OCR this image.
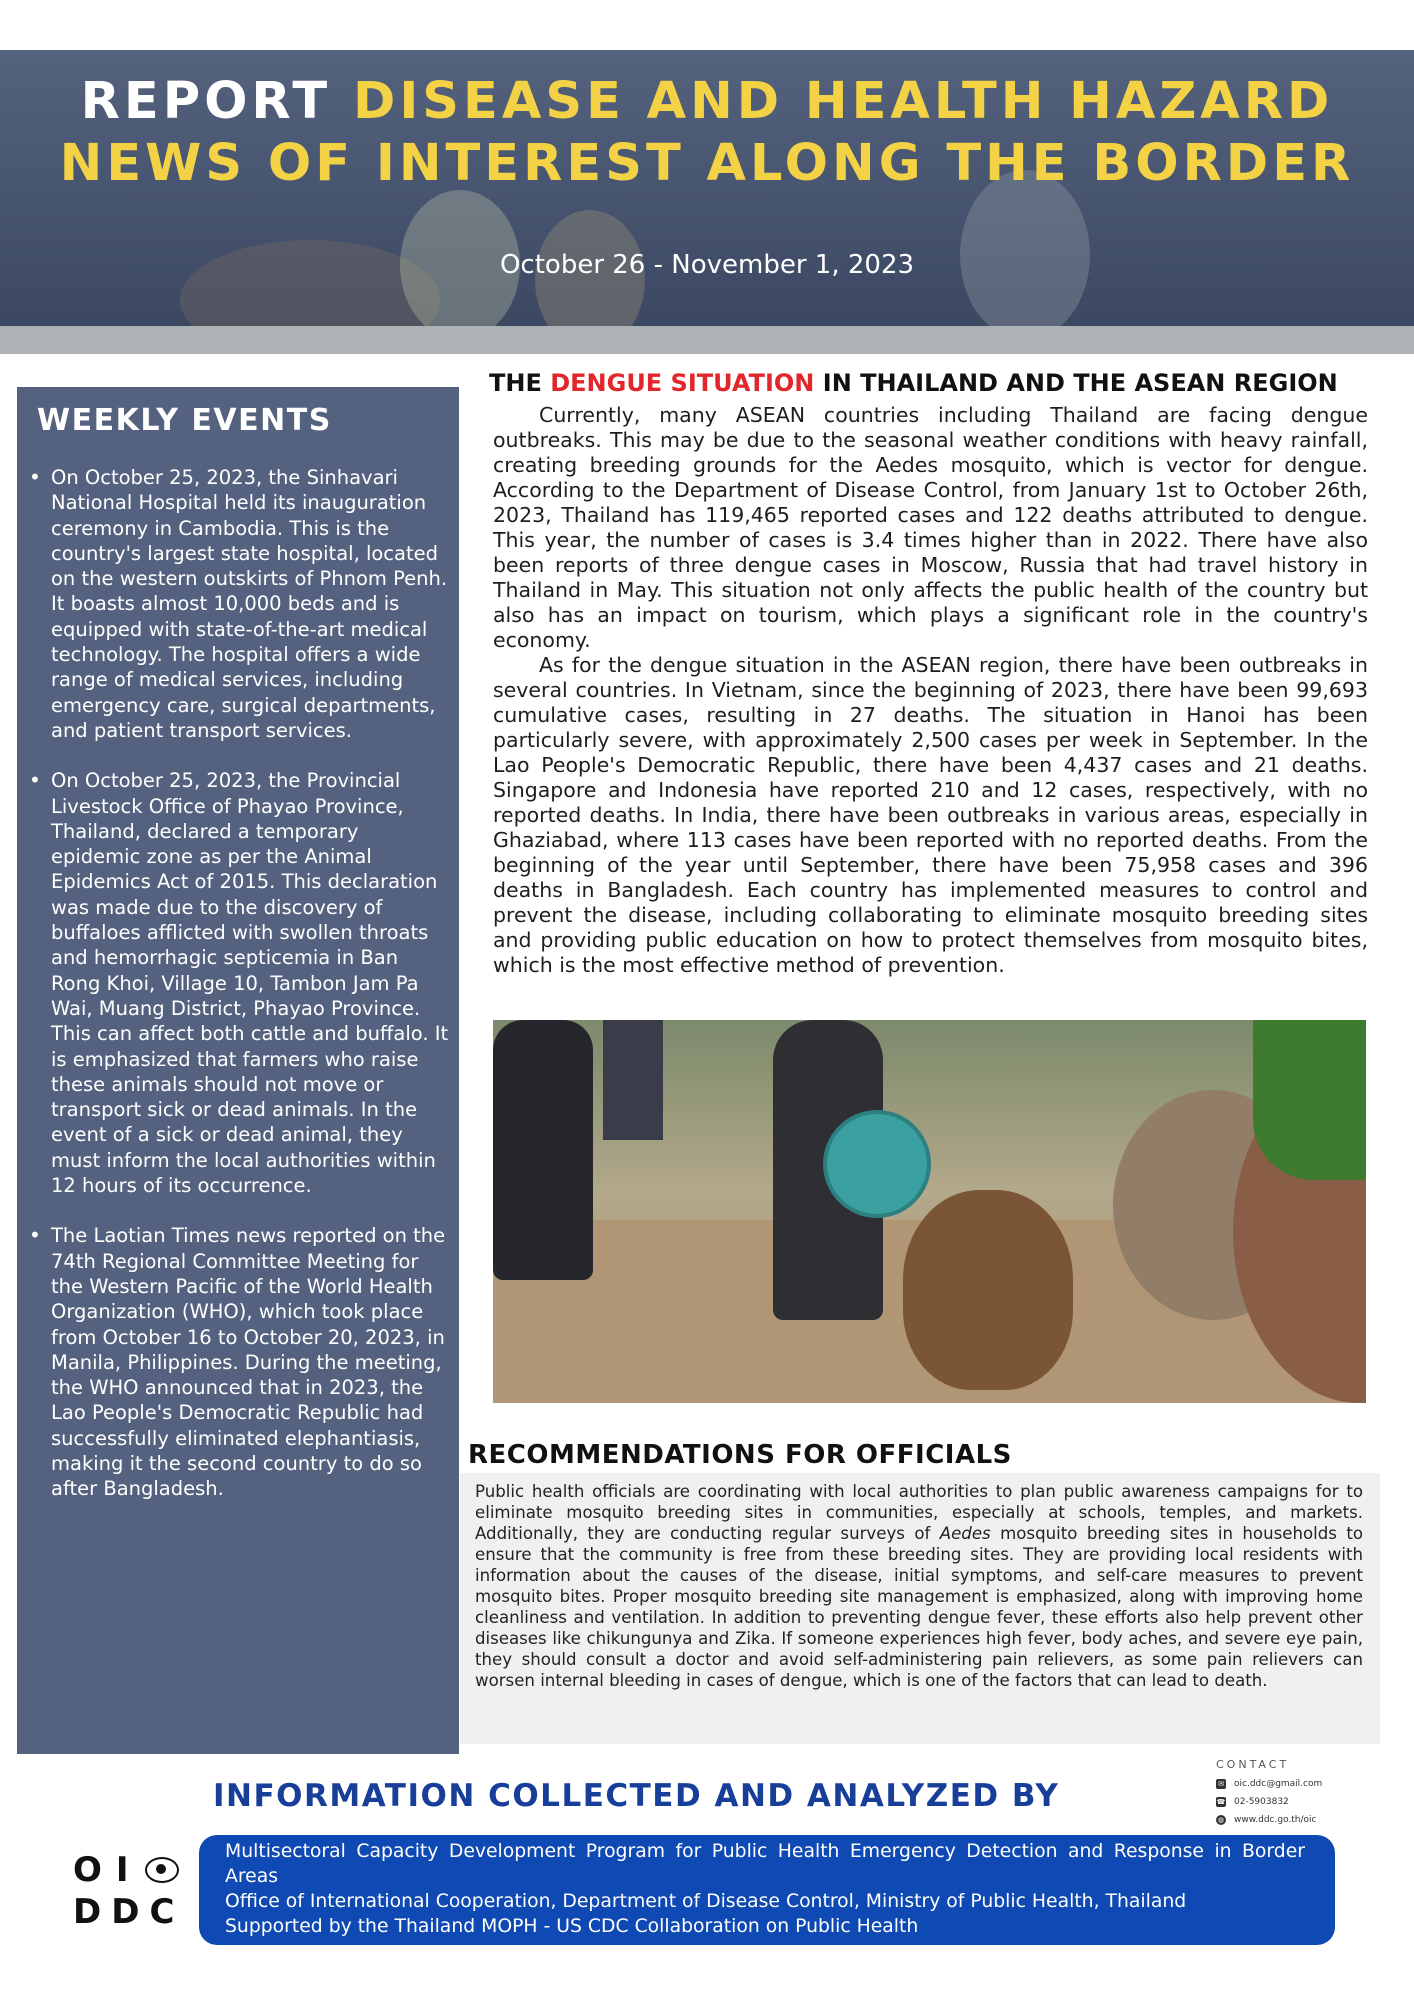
REPORT DISEASE AND HEALTH HAZARD
NEWS OF INTEREST ALONG THE BORDER
October 26 - November 1, 2023
WEEKLY EVENTS
• On October 25, 2023, the Sinhavari National Hospital held its inauguration ceremony in Cambodia. This is the country's largest state hospital, located on the western outskirts of Phnom Penh. It boasts almost 10,000 beds and is equipped with state-of-the-art medical technology. The hospital offers a wide range of medical services, including emergency care, surgical departments, and patient transport services.
• On October 25, 2023, the Provincial Livestock Office of Phayao Province, Thailand, declared a temporary epidemic zone as per the Animal Epidemics Act of 2015. This declaration was made due to the discovery of buffaloes afflicted with swollen throats and hemorrhagic septicemia in Ban Rong Khoi, Village 10, Tambon Jam Pa Wai, Muang District, Phayao Province. This can affect both cattle and buffalo. It is emphasized that farmers who raise these animals should not move or transport sick or dead animals. In the event of a sick or dead animal, they must inform the local authorities within 12 hours of its occurrence.
• The Laotian Times news reported on the 74th Regional Committee Meeting for the Western Pacific of the World Health Organization (WHO), which took place from October 16 to October 20, 2023, in Manila, Philippines. During the meeting, the WHO announced that in 2023, the Lao People's Democratic Republic had successfully eliminated elephantiasis, making it the second country to do so after Bangladesh.
THE DENGUE SITUATION IN THAILAND AND THE ASEAN REGION

Currently, many ASEAN countries including Thailand are facing dengue outbreaks. This may be due to the seasonal weather conditions with heavy rainfall, creating breeding grounds for the Aedes mosquito, which is vector for dengue. According to the Department of Disease Control, from January 1st to October 26th, 2023, Thailand has 119,465 reported cases and 122 deaths attributed to dengue. This year, the number of cases is 3.4 times higher than in 2022. There have also been reports of three dengue cases in Moscow, Russia that had travel history in Thailand in May. This situation not only affects the public health of the country but also has an impact on tourism, which plays a significant role in the country's economy.

As for the dengue situation in the ASEAN region, there have been outbreaks in several countries. In Vietnam, since the beginning of 2023, there have been 99,693 cumulative cases, resulting in 27 deaths. The situation in Hanoi has been particularly severe, with approximately 2,500 cases per week in September. In the Lao People's Democratic Republic, there have been 4,437 cases and 21 deaths. Singapore and Indonesia have reported 210 and 12 cases, respectively, with no reported deaths. In India, there have been outbreaks in various areas, especially in Ghaziabad, where 113 cases have been reported with no reported deaths. From the beginning of the year until September, there have been 75,958 cases and 396 deaths in Bangladesh. Each country has implemented measures to control and prevent the disease, including collaborating to eliminate mosquito breeding sites and providing public education on how to protect themselves from mosquito bites, which is the most effective method of prevention.

RECOMMENDATIONS FOR OFFICIALS

Public health officials are coordinating with local authorities to plan public awareness campaigns for to eliminate mosquito breeding sites in communities, especially at schools, temples, and markets. Additionally, they are conducting regular surveys of Aedes mosquito breeding sites in households to ensure that the community is free from these breeding sites. They are providing local residents with information about the causes of the disease, initial symptoms, and self-care measures to prevent mosquito bites. Proper mosquito breeding site management is emphasized, along with improving home cleanliness and ventilation. In addition to preventing dengue fever, these efforts also help prevent other diseases like chikungunya and Zika. If someone experiences high fever, body aches, and severe eye pain, they should consult a doctor and avoid self-administering pain relievers, as some pain relievers can worsen internal bleeding in cases of dengue, which is one of the factors that can lead to death.

INFORMATION COLLECTED AND ANALYZED BY
CONTACT
✉ oic.ddc@gmail.com
☎ 02-5903832
◍ www.ddc.go.th/oic
OI
DDC
Multisectoral Capacity Development Program for Public Health Emergency Detection and Response in Border Areas
Office of International Cooperation, Department of Disease Control, Ministry of Public Health, Thailand
Supported by the Thailand MOPH - US CDC Collaboration on Public Health
